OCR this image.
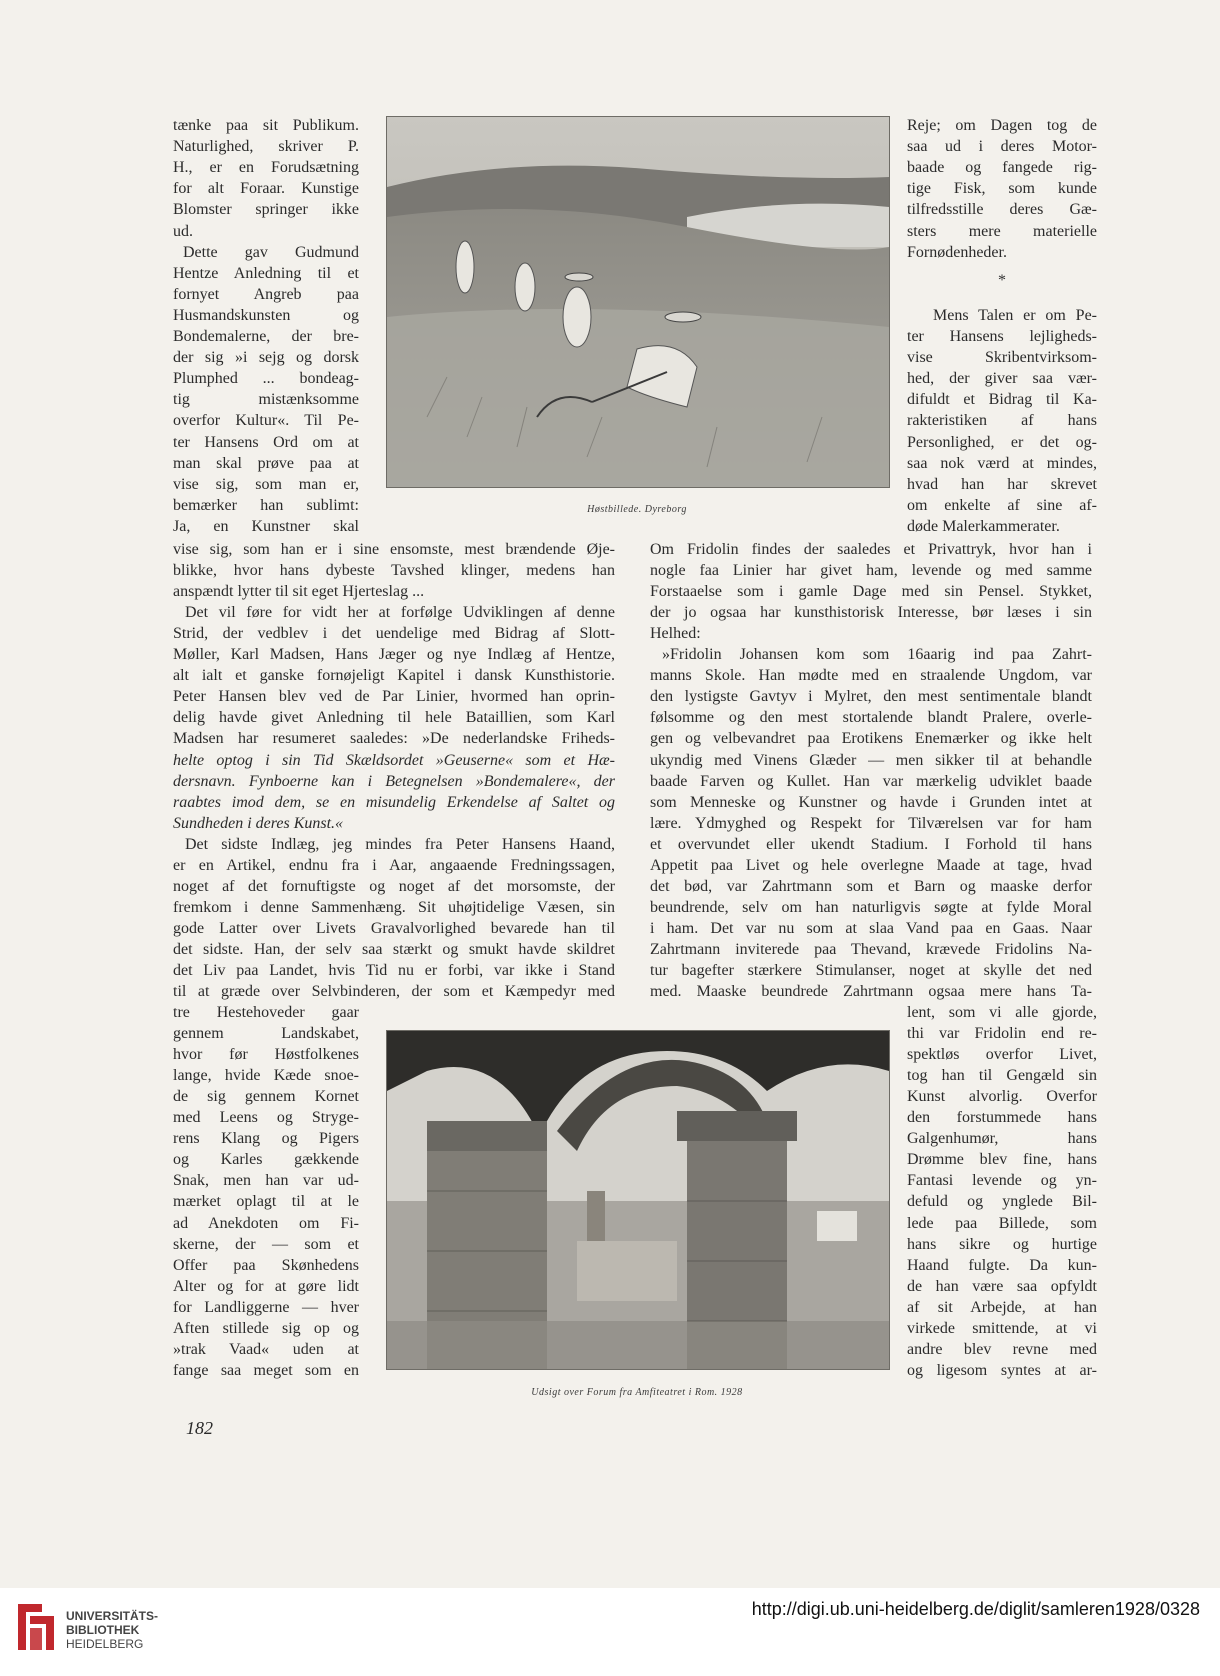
tænke paa sit Publikum.
Naturlighed, skriver P.
H., er en Forudsætning
for alt Foraar. Kunstige
Blomster springer ikke
ud.
Dette gav Gudmund
Hentze Anledning til et
fornyet Angreb paa
Husmandskunsten og
Bondemalerne, der bre-
der sig »i sejg og dorsk
Plumphed ... bondeag-
tig mistænksomme
overfor Kultur«. Til Pe-
ter Hansens Ord om at
man skal prøve paa at
vise sig, som man er,
bemærker han sublimt:
Ja, en Kunstner skal
Reje; om Dagen tog de
saa ud i deres Motor-
baade og fangede rig-
tige Fisk, som kunde
tilfredsstille deres Gæ-
sters mere materielle
Fornødenheder.
Mens Talen er om Pe-
ter Hansens lejligheds-
vise Skribentvirksom-
hed, der giver saa vær-
difuldt et Bidrag til Ka-
rakteristiken af hans
Personlighed, er det og-
saa nok værd at mindes,
hvad han har skrevet
om enkelte af sine af-
døde Malerkammerater.
*
Høstbillede. Dyreborg
vise sig, som han er i sine ensomste, mest brændende Øje-
blikke, hvor hans dybeste Tavshed klinger, medens han
anspændt lytter til sit eget Hjerteslag ...
Det vil føre for vidt her at forfølge Udviklingen af denne
Strid, der vedblev i det uendelige med Bidrag af Slott-
Møller, Karl Madsen, Hans Jæger og nye Indlæg af Hentze,
alt ialt et ganske fornøjeligt Kapitel i dansk Kunsthistorie.
Peter Hansen blev ved de Par Linier, hvormed han oprin-
delig havde givet Anledning til hele Bataillien, som Karl
Madsen har resumeret saaledes: »De nederlandske Friheds-
helte optog i sin Tid Skældsordet »Geuserne« som et Hæ-
dersnavn. Fynboerne kan i Betegnelsen »Bondemalere«, der
raabtes imod dem, se en misundelig Erkendelse af Saltet og
Sundheden i deres Kunst.«
Det sidste Indlæg, jeg mindes fra Peter Hansens Haand,
er en Artikel, endnu fra i Aar, angaaende Fredningssagen,
noget af det fornuftigste og noget af det morsomste, der
fremkom i denne Sammenhæng. Sit uhøjtidelige Væsen, sin
gode Latter over Livets Gravalvorlighed bevarede han til
det sidste. Han, der selv saa stærkt og smukt havde skildret
det Liv paa Landet, hvis Tid nu er forbi, var ikke i Stand
til at græde over Selvbinderen, der som et Kæmpedyr med
Om Fridolin findes der saaledes et Privattryk, hvor han i
nogle faa Linier har givet ham, levende og med samme
Forstaaelse som i gamle Dage med sin Pensel. Stykket,
der jo ogsaa har kunsthistorisk Interesse, bør læses i sin
Helhed:
»Fridolin Johansen kom som 16aarig ind paa Zahrt-
manns Skole. Han mødte med en straalende Ungdom, var
den lystigste Gavtyv i Mylret, den mest sentimentale blandt
følsomme og den mest stortalende blandt Pralere, overle-
gen og velbevandret paa Erotikens Enemærker og ikke helt
ukyndig med Vinens Glæder — men sikker til at behandle
baade Farven og Kullet. Han var mærkelig udviklet baade
som Menneske og Kunstner og havde i Grunden intet at
lære. Ydmyghed og Respekt for Tilværelsen var for ham
et overvundet eller ukendt Stadium. I Forhold til hans
Appetit paa Livet og hele overlegne Maade at tage, hvad
det bød, var Zahrtmann som et Barn og maaske derfor
beundrende, selv om han naturligvis søgte at fylde Moral
i ham. Det var nu som at slaa Vand paa en Gaas. Naar
Zahrtmann inviterede paa Thevand, krævede Fridolins Na-
tur bagefter stærkere Stimulanser, noget at skylle det ned
med. Maaske beundrede Zahrtmann ogsaa mere hans Ta-
Udsigt over Forum fra Amfiteatret i Rom. 1928
tre Hestehoveder gaar
gennem Landskabet,
hvor før Høstfolkenes
lange, hvide Kæde snoe-
de sig gennem Kornet
med Leens og Stryge-
rens Klang og Pigers
og Karles gækkende
Snak, men han var ud-
mærket oplagt til at le
ad Anekdoten om Fi-
skerne, der — som et
Offer paa Skønhedens
Alter og for at gøre lidt
for Landliggerne — hver
Aften stillede sig op og
»trak Vaad« uden at
fange saa meget som en
lent, som vi alle gjorde,
thi var Fridolin end re-
spektløs overfor Livet,
tog han til Gengæld sin
Kunst alvorlig. Overfor
den forstummede hans
Galgenhumør, hans
Drømme blev fine, hans
Fantasi levende og yn-
defuld og ynglede Bil-
lede paa Billede, som
hans sikre og hurtige
Haand fulgte. Da kun-
de han være saa opfyldt
af sit Arbejde, at han
virkede smittende, at vi
andre blev revne med
og ligesom syntes at ar-
182
UNIVERSITÄTS-
BIBLIOTHEK
HEIDELBERG
http://digi.ub.uni-heidelberg.de/diglit/samleren1928/0328
